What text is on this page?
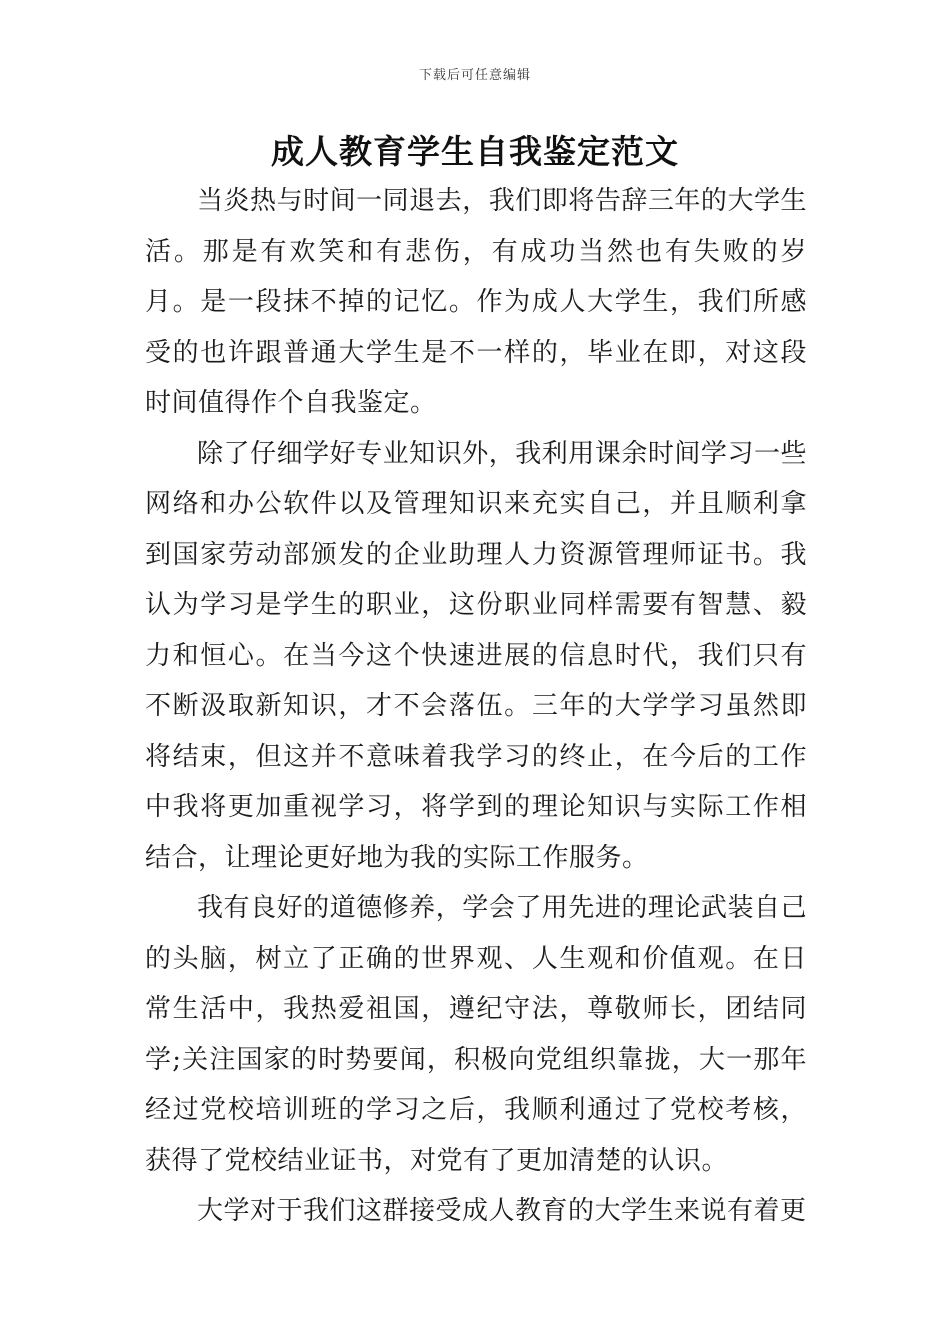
下载后可任意编辑
成人教育学生自我鉴定范文

当炎热与时间一同退去，我们即将告辞三年的大学生活。那是有欢笑和有悲伤，有成功当然也有失败的岁月。是一段抹不掉的记忆。作为成人大学生，我们所感受的也许跟普通大学生是不一样的，毕业在即，对这段时间值得作个自我鉴定。

除了仔细学好专业知识外，我利用课余时间学习一些网络和办公软件以及管理知识来充实自己，并且顺利拿到国家劳动部颁发的企业助理人力资源管理师证书。我认为学习是学生的职业，这份职业同样需要有智慧、毅力和恒心。在当今这个快速进展的信息时代，我们只有不断汲取新知识，才不会落伍。三年的大学学习虽然即将结束，但这并不意味着我学习的终止，在今后的工作中我将更加重视学习，将学到的理论知识与实际工作相结合，让理论更好地为我的实际工作服务。

我有良好的道德修养，学会了用先进的理论武装自己的头脑，树立了正确的世界观、人生观和价值观。在日常生活中，我热爱祖国，遵纪守法，尊敬师长，团结同学;关注国家的时势要闻，积极向党组织靠拢，大一那年经过党校培训班的学习之后，我顺利通过了党校考核，获得了党校结业证书，对党有了更加清楚的认识。

大学对于我们这群接受成人教育的大学生来说有着更
